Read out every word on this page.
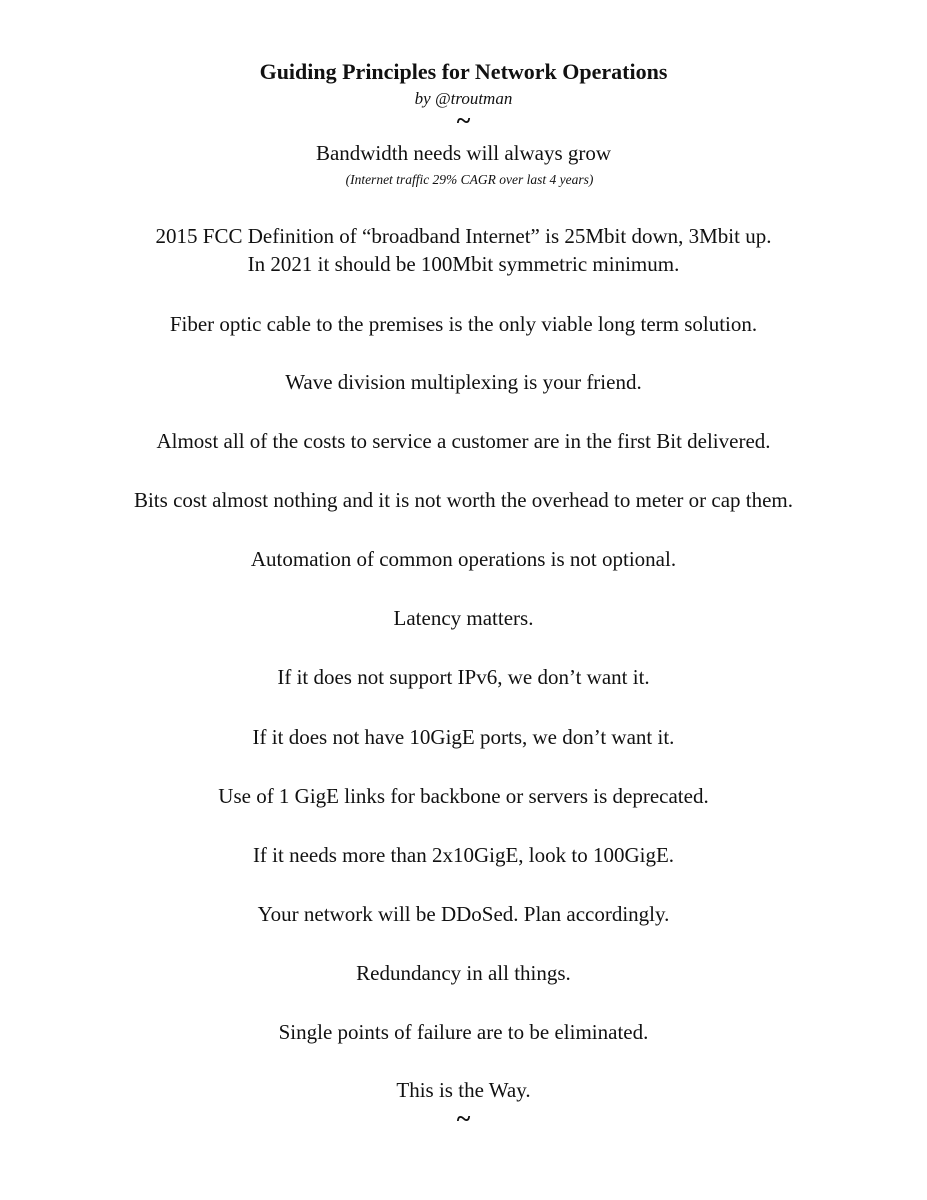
Guiding Principles for Network Operations
by @troutman
~
Bandwidth needs will always grow
(Internet traffic 29% CAGR over last 4 years)
2015 FCC Definition of “broadband Internet” is 25Mbit down, 3Mbit up.
In 2021 it should be 100Mbit symmetric minimum.
Fiber optic cable to the premises is the only viable long term solution.
Wave division multiplexing is your friend.
Almost all of the costs to service a customer are in the first Bit delivered.
Bits cost almost nothing and it is not worth the overhead to meter or cap them.
Automation of common operations is not optional.
Latency matters.
If it does not support IPv6, we don’t want it.
If it does not have 10GigE ports, we don’t want it.
Use of 1 GigE links for backbone or servers is deprecated.
If it needs more than 2x10GigE, look to 100GigE.
Your network will be DDoSed. Plan accordingly.
Redundancy in all things.
Single points of failure are to be eliminated.
This is the Way.
~
